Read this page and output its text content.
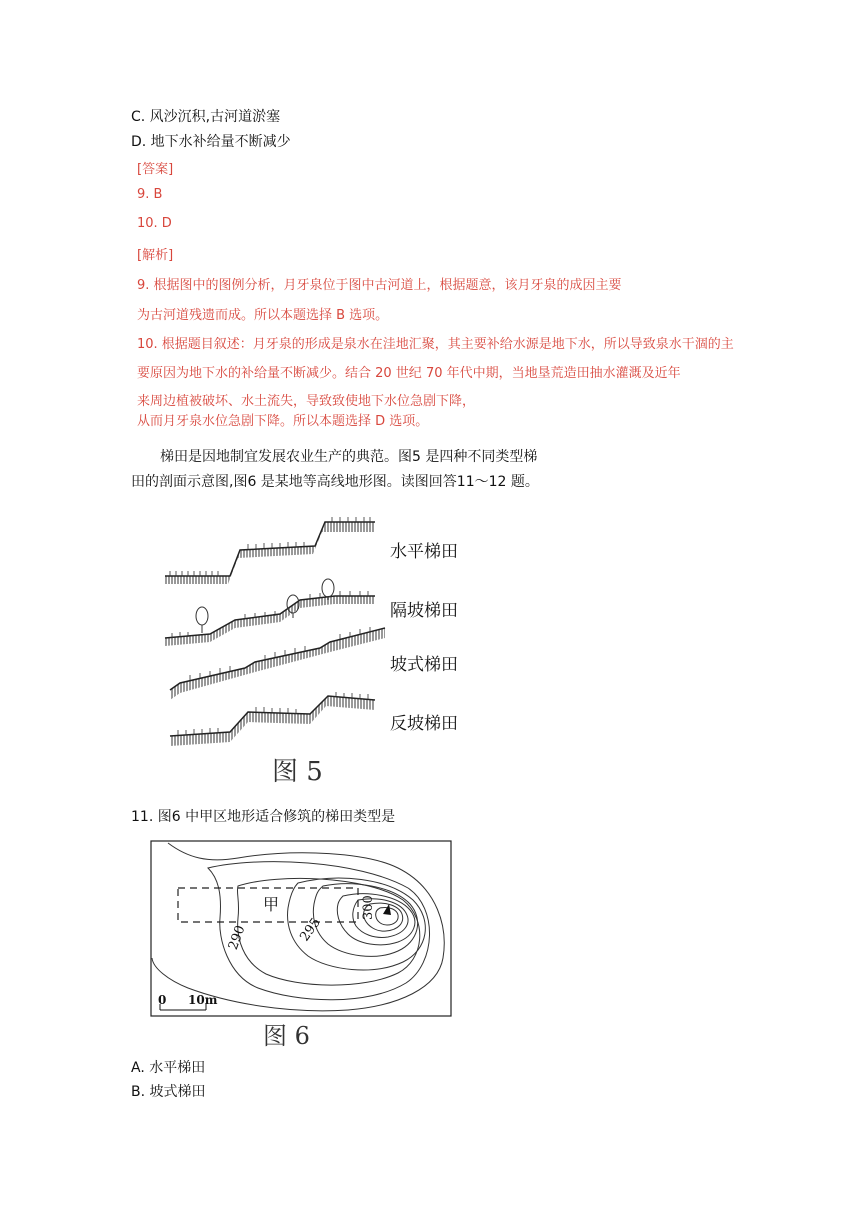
C. 风沙沉积,古河道淤塞
D. 地下水补给量不断减少
[答案]
9. B
10. D
[解析]
9. 根据图中的图例分析，月牙泉位于图中古河道上，根据题意，该月牙泉的成因主要
为古河道残遗而成。所以本题选择 B 选项。
10. 根据题目叙述：月牙泉的形成是泉水在洼地汇聚，其主要补给水源是地下水，所以导致泉水干涸的主
要原因为地下水的补给量不断减少。结合 20 世纪 70 年代中期，当地垦荒造田抽水灌溉及近年
来周边植被破坏、水土流失，导致致使地下水位急剧下降，
从而月牙泉水位急剧下降。所以本题选择 D 选项。
梯田是因地制宜发展农业生产的典范。图5 是四种不同类型梯
田的剖面示意图,图6 是某地等高线地形图。读图回答11～12 题。
水平梯田
隔坡梯田
坡式梯田
反坡梯田
图 5
11. 图6 中甲区地形适合修筑的梯田类型是
甲
290	295
300
0 10m
图 6
A. 水平梯田
B. 坡式梯田
